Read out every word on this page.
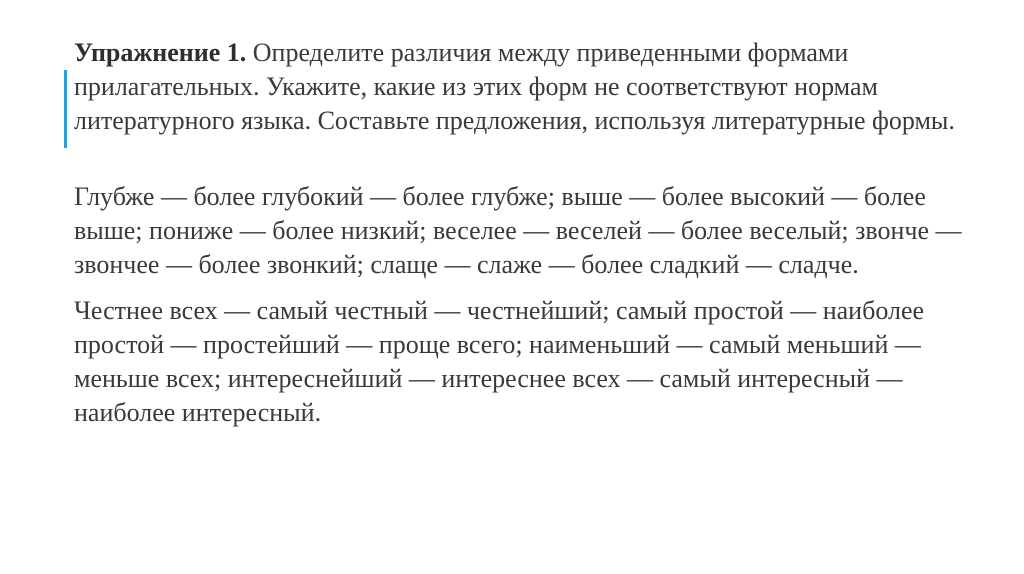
Упражнение 1. Определите различия между приведенными формами прилагательных. Укажите, какие из этих форм не соответствуют нормам литературного языка. Составьте предложения, используя литературные формы.

Глубже — более глубокий — более глубже; выше — более высокий — более выше; понижe — более низкий; веселее — веселей — более веселый; звонче — звончее — более звонкий; слаще — слаже — более сладкий — сладче.

Честнее всех — самый честный — честнейший; самый простой — наиболее простой — простейший — проще всего; наименьший — самый меньший — меньше всех; интереснейший — интереснее всех — самый интересный — наиболее интересный.
